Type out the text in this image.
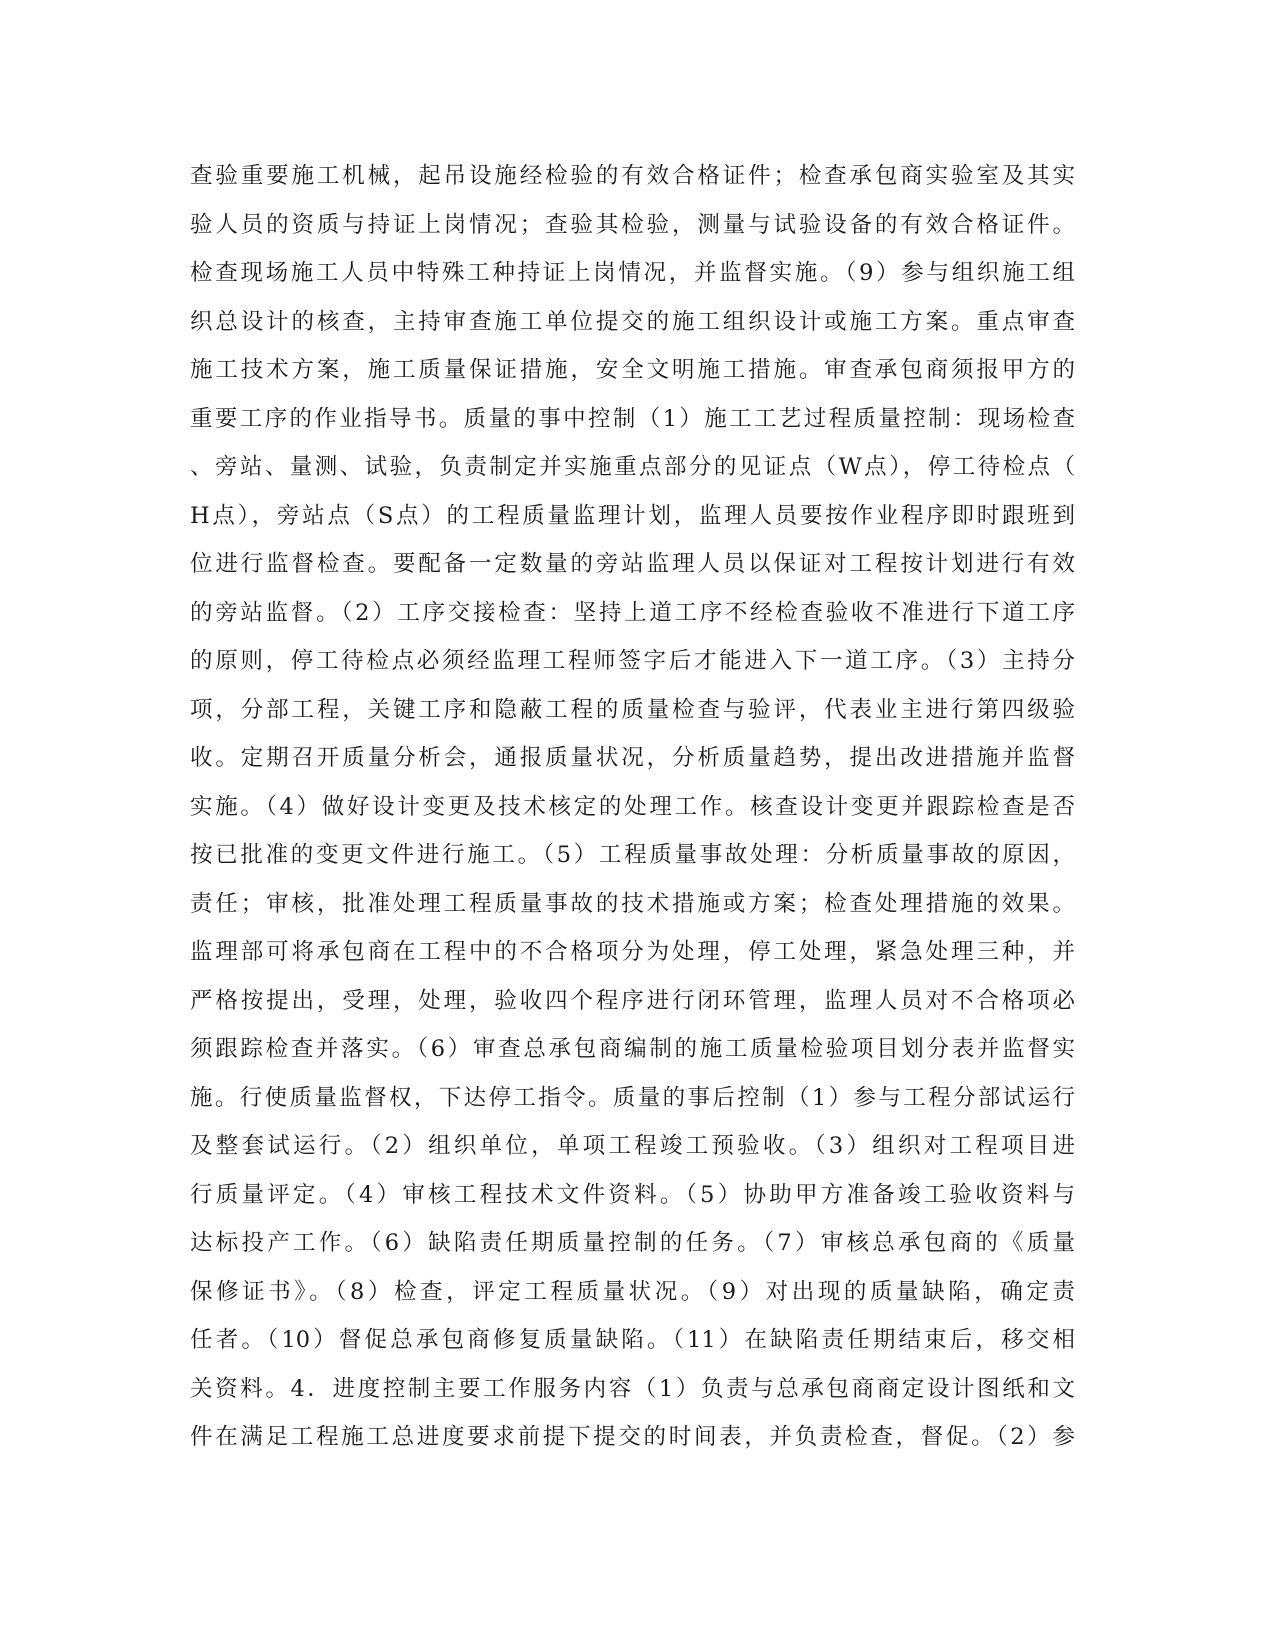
查验重要施工机械，起吊设施经检验的有效合格证件；检查承包商实验室及其实
验人员的资质与持证上岗情况；查验其检验，测量与试验设备的有效合格证件。
检查现场施工人员中特殊工种持证上岗情况，并监督实施。（9）参与组织施工组
织总设计的核查，主持审查施工单位提交的施工组织设计或施工方案。重点审查
施工技术方案，施工质量保证措施，安全文明施工措施。审查承包商须报甲方的
重要工序的作业指导书。质量的事中控制（1）施工工艺过程质量控制：现场检查
、旁站、量测、试验，负责制定并实施重点部分的见证点（W点），停工待检点（
H点），旁站点（S点）的工程质量监理计划，监理人员要按作业程序即时跟班到
位进行监督检查。要配备一定数量的旁站监理人员以保证对工程按计划进行有效
的旁站监督。（2）工序交接检查：坚持上道工序不经检查验收不准进行下道工序
的原则，停工待检点必须经监理工程师签字后才能进入下一道工序。（3）主持分
项，分部工程，关键工序和隐蔽工程的质量检查与验评，代表业主进行第四级验
收。定期召开质量分析会，通报质量状况，分析质量趋势，提出改进措施并监督
实施。（4）做好设计变更及技术核定的处理工作。核查设计变更并跟踪检查是否
按已批准的变更文件进行施工。（5）工程质量事故处理：分析质量事故的原因，
责任；审核，批准处理工程质量事故的技术措施或方案；检查处理措施的效果。
监理部可将承包商在工程中的不合格项分为处理，停工处理，紧急处理三种，并
严格按提出，受理，处理，验收四个程序进行闭环管理，监理人员对不合格项必
须跟踪检查并落实。（6）审查总承包商编制的施工质量检验项目划分表并监督实
施。行使质量监督权，下达停工指令。质量的事后控制（1）参与工程分部试运行
及整套试运行。（2）组织单位，单项工程竣工预验收。（3）组织对工程项目进
行质量评定。（4）审核工程技术文件资料。（5）协助甲方准备竣工验收资料与
达标投产工作。（6）缺陷责任期质量控制的任务。（7）审核总承包商的《质量
保修证书》。（8）检查，评定工程质量状况。（9）对出现的质量缺陷，确定责
任者。（10）督促总承包商修复质量缺陷。（11）在缺陷责任期结束后，移交相
关资料。4．进度控制主要工作服务内容（1）负责与总承包商商定设计图纸和文
件在满足工程施工总进度要求前提下提交的时间表，并负责检查，督促。（2）参
